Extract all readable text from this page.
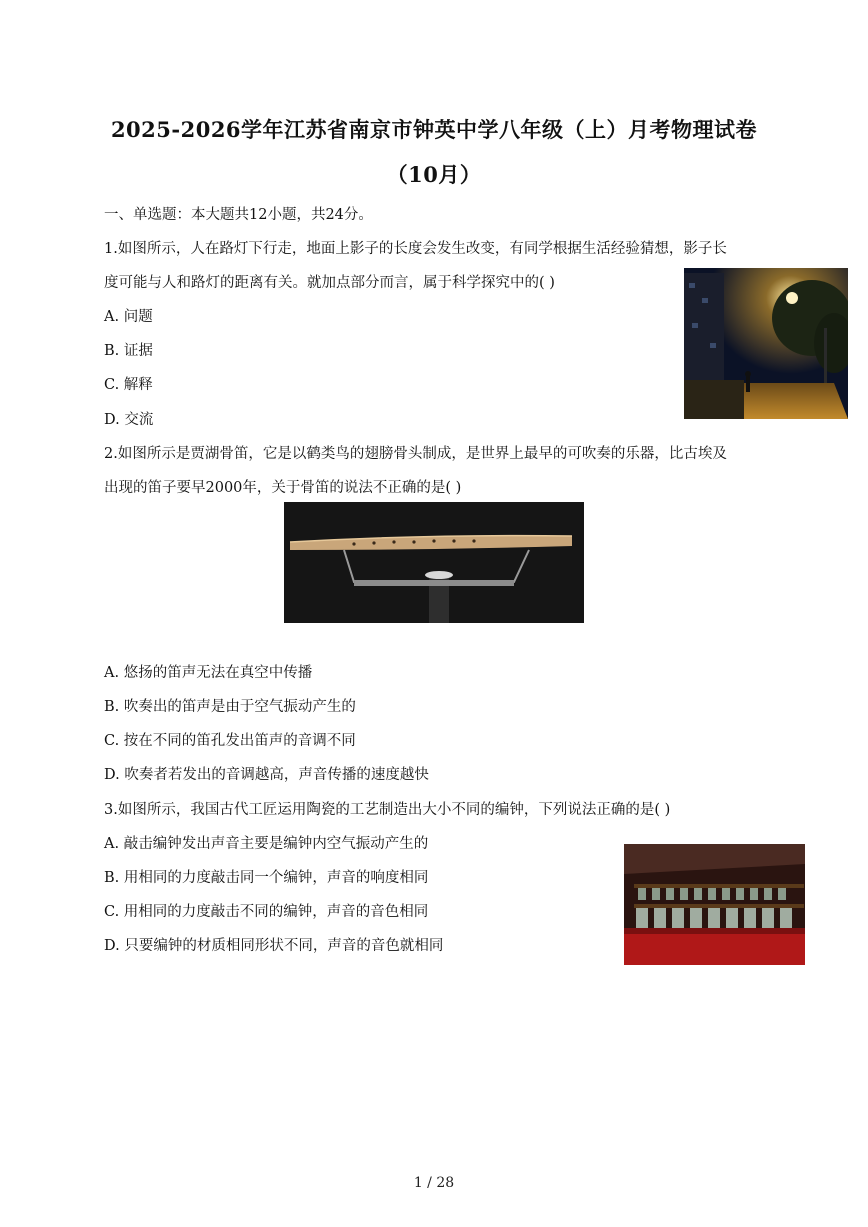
2025-2026学年江苏省南京市钟英中学八年级（上）月考物理试卷
（10月）
一、单选题：本大题共12小题，共24分。
1.如图所示，人在路灯下行走，地面上影子的长度会发生改变，有同学根据生活经验猜想，影子长
度可能与人和路灯的距离有关。就加点部分而言，属于科学探究中的( )
A. 问题
B. 证据
C. 解释
D. 交流
2.如图所示是贾湖骨笛，它是以鹤类鸟的翅膀骨头制成，是世界上最早的可吹奏的乐器，比古埃及
出现的笛子要早2000年，关于骨笛的说法不正确的是( )
A. 悠扬的笛声无法在真空中传播
B. 吹奏出的笛声是由于空气振动产生的
C. 按在不同的笛孔发出笛声的音调不同
D. 吹奏者若发出的音调越高，声音传播的速度越快
3.如图所示，我国古代工匠运用陶瓷的工艺制造出大小不同的编钟，下列说法正确的是( )
A. 敲击编钟发出声音主要是编钟内空气振动产生的
B. 用相同的力度敲击同一个编钟，声音的响度相同
C. 用相同的力度敲击不同的编钟，声音的音色相同
D. 只要编钟的材质相同形状不同，声音的音色就相同
1 / 28
